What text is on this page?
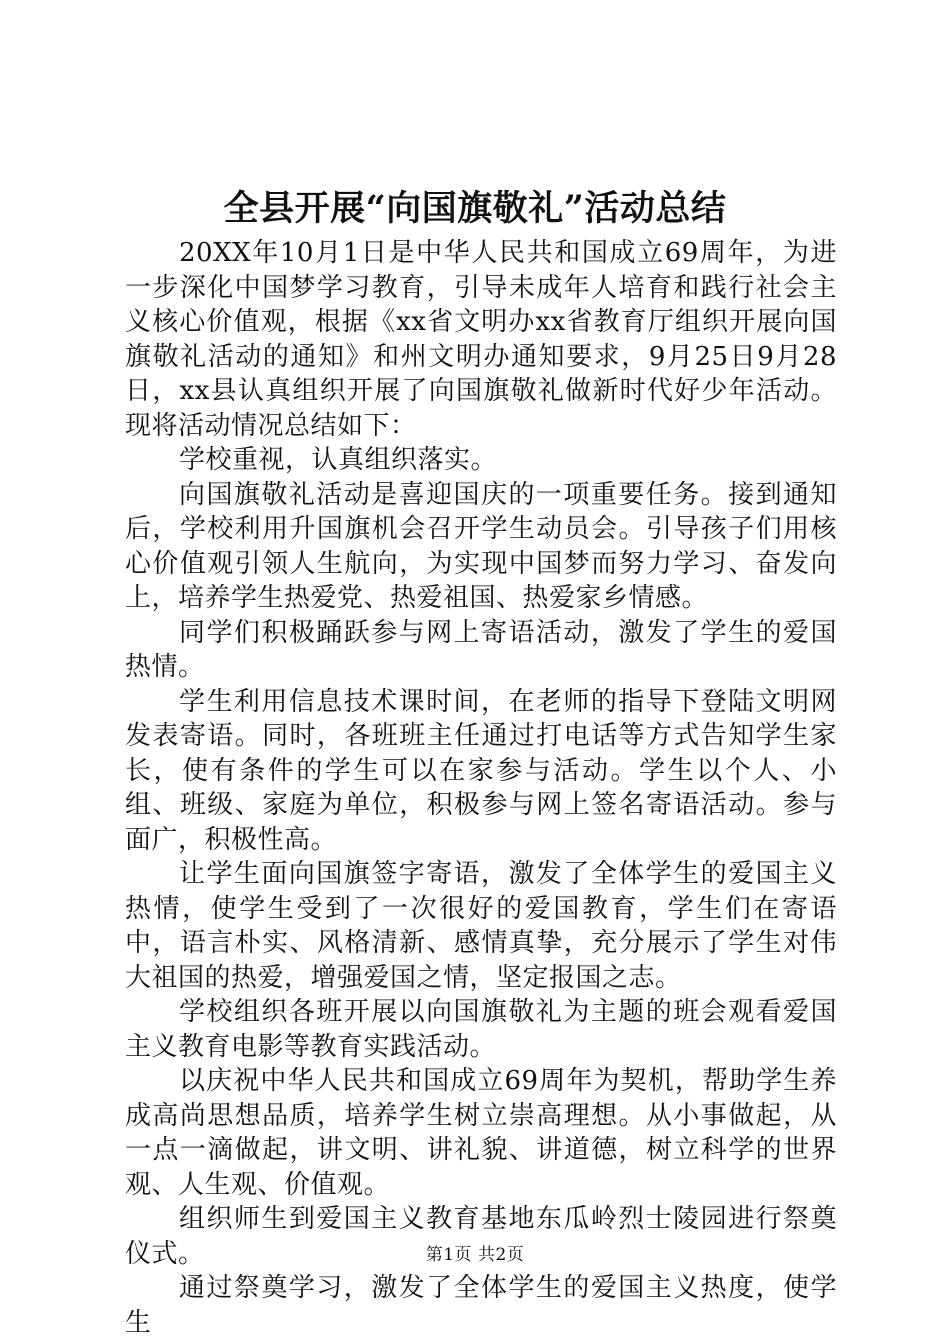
全县开展“向国旗敬礼”活动总结

20XX年10月1日是中华人民共和国成立69周年，为进一步深化中国梦学习教育，引导未成年人培育和践行社会主义核心价值观，根据《xx省文明办xx省教育厅组织开展向国旗敬礼活动的通知》和州文明办通知要求，9月25日9月28日，xx县认真组织开展了向国旗敬礼做新时代好少年活动。现将活动情况总结如下：

学校重视，认真组织落实。

向国旗敬礼活动是喜迎国庆的一项重要任务。接到通知后，学校利用升国旗机会召开学生动员会。引导孩子们用核心价值观引领人生航向，为实现中国梦而努力学习、奋发向上，培养学生热爱党、热爱祖国、热爱家乡情感。

同学们积极踊跃参与网上寄语活动，激发了学生的爱国热情。

学生利用信息技术课时间，在老师的指导下登陆文明网发表寄语。同时，各班班主任通过打电话等方式告知学生家长，使有条件的学生可以在家参与活动。学生以个人、小组、班级、家庭为单位，积极参与网上签名寄语活动。参与面广，积极性高。

让学生面向国旗签字寄语，激发了全体学生的爱国主义热情，使学生受到了一次很好的爱国教育，学生们在寄语中，语言朴实、风格清新、感情真挚，充分展示了学生对伟大祖国的热爱，增强爱国之情，坚定报国之志。

学校组织各班开展以向国旗敬礼为主题的班会观看爱国主义教育电影等教育实践活动。

以庆祝中华人民共和国成立69周年为契机，帮助学生养成高尚思想品质，培养学生树立崇高理想。从小事做起，从一点一滴做起，讲文明、讲礼貌、讲道德，树立科学的世界观、人生观、价值观。

组织师生到爱国主义教育基地东瓜岭烈士陵园进行祭奠仪式。

通过祭奠学习，激发了全体学生的爱国主义热度，使学生

第1页 共2页
